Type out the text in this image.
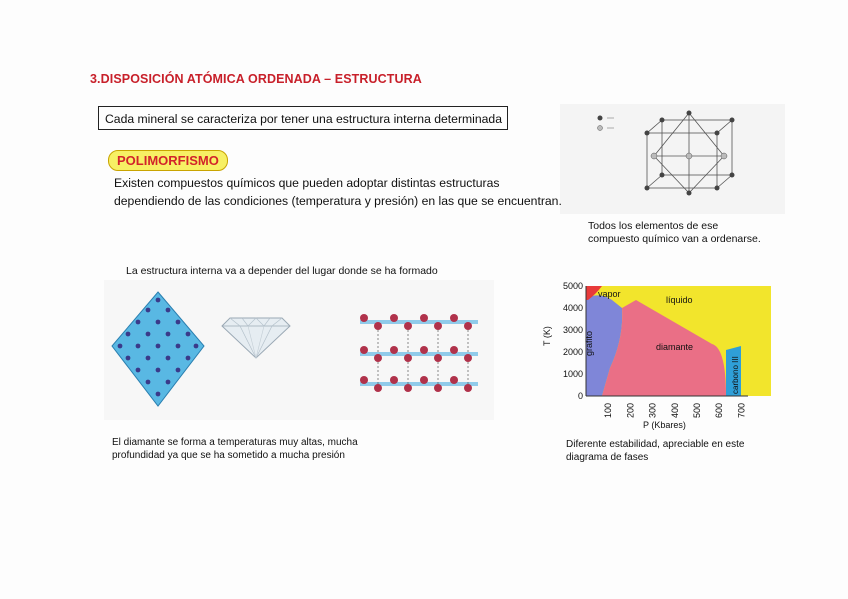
3.DISPOSICIÓN ATÓMICA ORDENADA – ESTRUCTURA
Cada mineral se caracteriza por tener una estructura interna determinada
POLIMORFISMO
Existen compuestos químicos que pueden adoptar distintas estructuras
dependiendo de las condiciones (temperatura y presión) en las que se encuentran.
Todos los elementos de ese
compuesto químico van a ordenarse.
La estructura interna va a depender del lugar donde se ha formado
El diamante se forma a temperaturas muy altas, mucha
profundidad ya que se ha sometido a mucha presión
vapor
líquido
grafito	diamante
carbono III
0
1000
2000
3000
4000
5000
100 200 300 400 500 600 700
T (K)
P (Kbares)
Diferente estabilidad, apreciable en este
diagrama de fases
